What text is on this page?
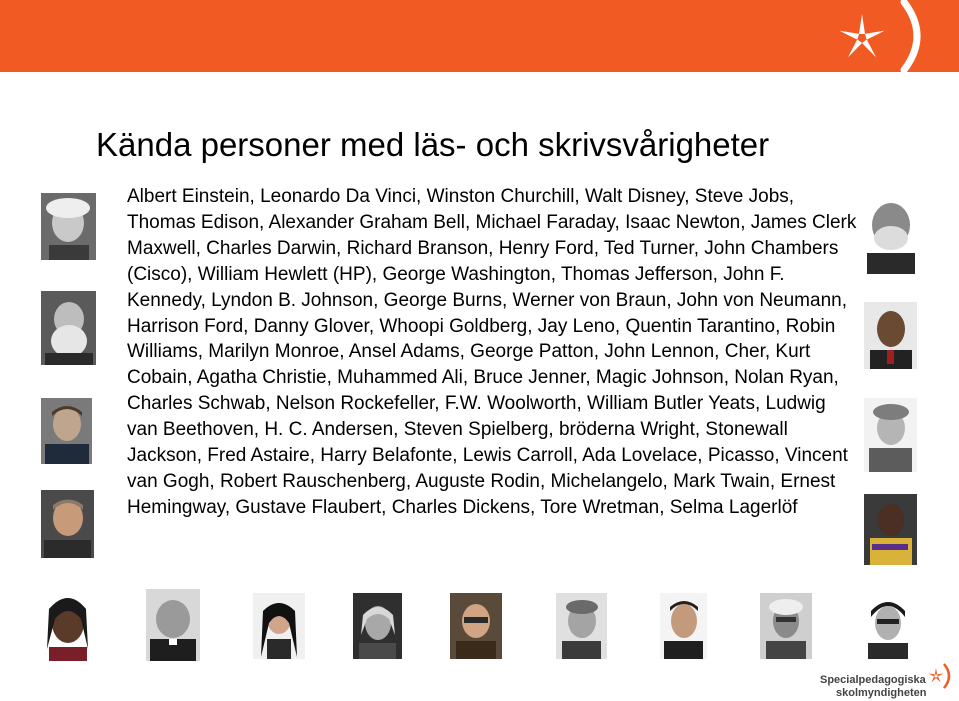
Kända personer med läs- och skrivsvårigheter

Albert Einstein, Leonardo Da Vinci, Winston Churchill, Walt Disney, Steve Jobs, Thomas Edison, Alexander Graham Bell, Michael Faraday, Isaac Newton, James Clerk Maxwell, Charles Darwin, Richard Branson, Henry Ford, Ted Turner, John Chambers (Cisco), William Hewlett (HP), George Washington, Thomas Jefferson, John F. Kennedy, Lyndon B. Johnson, George Burns, Werner von Braun, John von Neumann, Harrison Ford, Danny Glover, Whoopi Goldberg, Jay Leno, Quentin Tarantino, Robin Williams, Marilyn Monroe, Ansel Adams, George Patton, John Lennon, Cher, Kurt Cobain, Agatha Christie, Muhammed Ali, Bruce Jenner, Magic Johnson, Nolan Ryan, Charles Schwab, Nelson Rockefeller, F.W. Woolworth, William Butler Yeats, Ludwig van Beethoven, H. C. Andersen, Steven Spielberg, bröderna Wright, Stonewall Jackson, Fred Astaire, Harry Belafonte, Lewis Carroll, Ada Lovelace, Picasso, Vincent van Gogh, Robert Rauschenberg, Auguste Rodin, Michelangelo, Mark Twain, Ernest Hemingway, Gustave Flaubert, Charles Dickens, Tore Wretman, Selma Lagerlöf

Specialpedagogiska
skolmyndigheten
